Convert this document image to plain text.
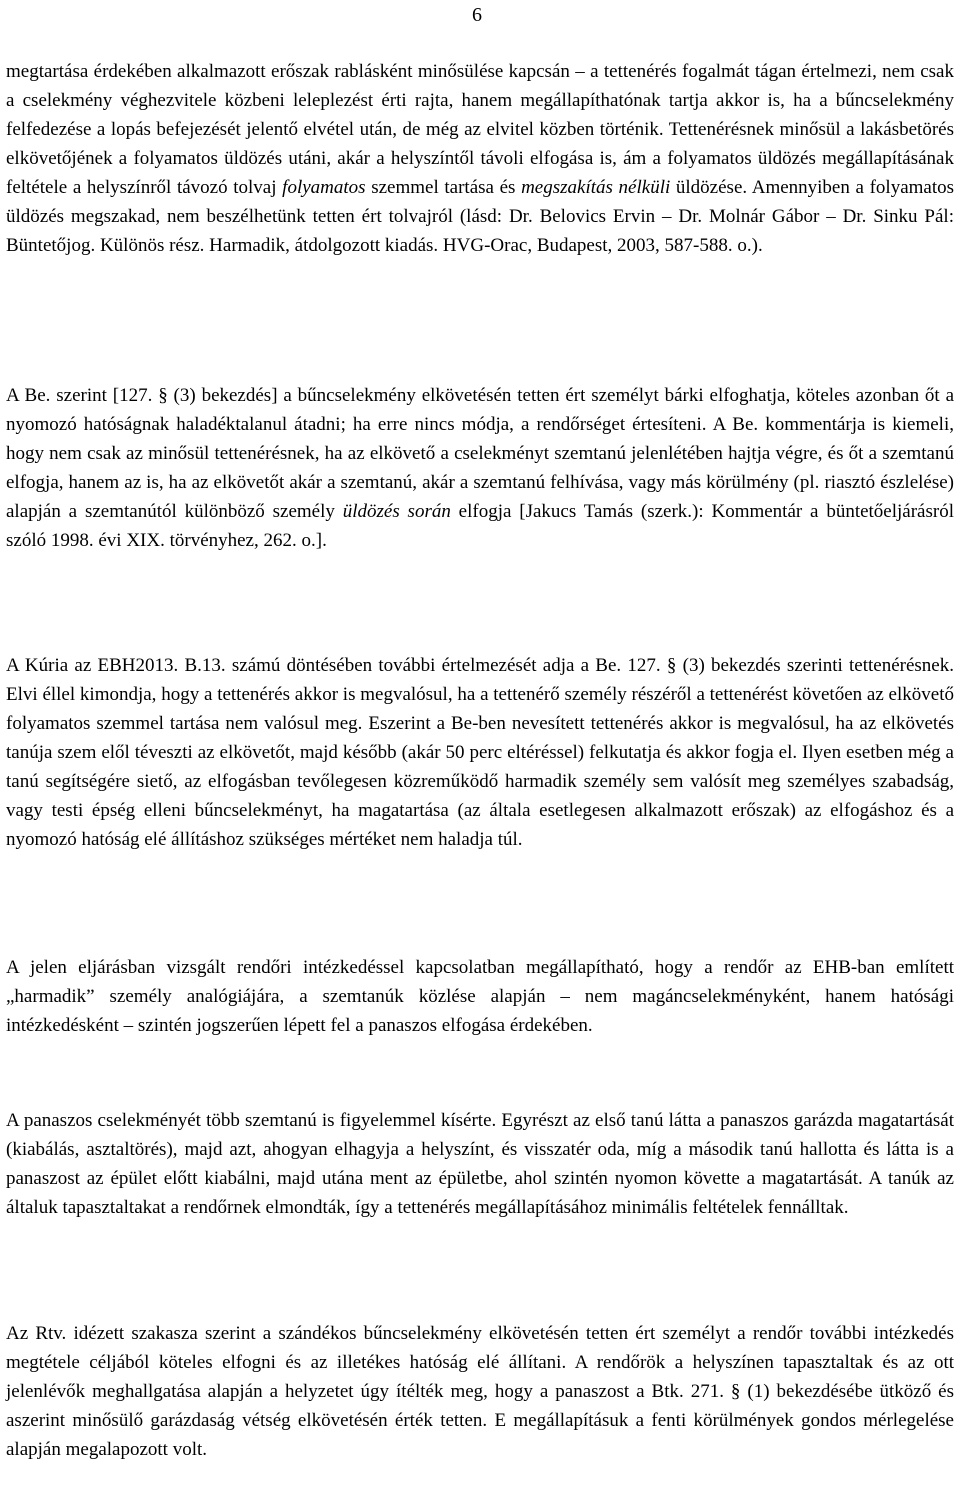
6

megtartása érdekében alkalmazott erőszak rablásként minősülése kapcsán – a tettenérés fogalmát tágan értelmezi, nem csak a cselekmény véghezvitele közbeni leleplezést érti rajta, hanem megállapíthatónak tartja akkor is, ha a bűncselekmény felfedezése a lopás befejezését jelentő elvétel után, de még az elvitel közben történik. Tettenérésnek minősül a lakásbetörés elkövetőjének a folyamatos üldözés utáni, akár a helyszíntől távoli elfogása is, ám a folyamatos üldözés megállapításának feltétele a helyszínről távozó tolvaj folyamatos szemmel tartása és megszakítás nélküli üldözése. Amennyiben a folyamatos üldözés megszakad, nem beszélhetünk tetten ért tolvajról (lásd: Dr. Belovics Ervin – Dr. Molnár Gábor – Dr. Sinku Pál: Büntetőjog. Különös rész. Harmadik, átdolgozott kiadás. HVG-Orac, Budapest, 2003, 587-588. o.).

A Be. szerint [127. § (3) bekezdés] a bűncselekmény elkövetésén tetten ért személyt bárki elfoghatja, köteles azonban őt a nyomozó hatóságnak haladéktalanul átadni; ha erre nincs módja, a rendőrséget értesíteni. A Be. kommentárja is kiemeli, hogy nem csak az minősül tettenérésnek, ha az elkövető a cselekményt szemtanú jelenlétében hajtja végre, és őt a szemtanú elfogja, hanem az is, ha az elkövetőt akár a szemtanú, akár a szemtanú felhívása, vagy más körülmény (pl. riasztó észlelése) alapján a szemtanútól különböző személy üldözés során elfogja [Jakucs Tamás (szerk.): Kommentár a büntetőeljárásról szóló 1998. évi XIX. törvényhez, 262. o.].

A Kúria az EBH2013. B.13. számú döntésében további értelmezését adja a Be. 127. § (3) bekezdés szerinti tettenérésnek. Elvi éllel kimondja, hogy a tettenérés akkor is megvalósul, ha a tettenérő személy részéről a tettenérést követően az elkövető folyamatos szemmel tartása nem valósul meg. Eszerint a Be-ben nevesített tettenérés akkor is megvalósul, ha az elkövetés tanúja szem elől téveszti az elkövetőt, majd később (akár 50 perc eltéréssel) felkutatja és akkor fogja el. Ilyen esetben még a tanú segítségére siető, az elfogásban tevőlegesen közreműködő harmadik személy sem valósít meg személyes szabadság, vagy testi épség elleni bűncselekményt, ha magatartása (az általa esetlegesen alkalmazott erőszak) az elfogáshoz és a nyomozó hatóság elé állításhoz szükséges mértéket nem haladja túl.

A jelen eljárásban vizsgált rendőri intézkedéssel kapcsolatban megállapítható, hogy a rendőr az EHB-ban említett „harmadik” személy analógiájára, a szemtanúk közlése alapján – nem magáncselekményként, hanem hatósági intézkedésként – szintén jogszerűen lépett fel a panaszos elfogása érdekében.

A panaszos cselekményét több szemtanú is figyelemmel kísérte. Egyrészt az első tanú látta a panaszos garázda magatartását (kiabálás, asztaltörés), majd azt, ahogyan elhagyja a helyszínt, és visszatér oda, míg a második tanú hallotta és látta is a panaszost az épület előtt kiabálni, majd utána ment az épületbe, ahol szintén nyomon követte a magatartását. A tanúk az általuk tapasztaltakat a rendőrnek elmondták, így a tettenérés megállapításához minimális feltételek fennálltak.

Az Rtv. idézett szakasza szerint a szándékos bűncselekmény elkövetésén tetten ért személyt a rendőr további intézkedés megtétele céljából köteles elfogni és az illetékes hatóság elé állítani. A rendőrök a helyszínen tapasztaltak és az ott jelenlévők meghallgatása alapján a helyzetet úgy ítélték meg, hogy a panaszost a Btk. 271. § (1) bekezdésébe ütköző és aszerint minősülő garázdaság vétség elkövetésén érték tetten. E megállapításuk a fenti körülmények gondos mérlegelése alapján megalapozott volt.
